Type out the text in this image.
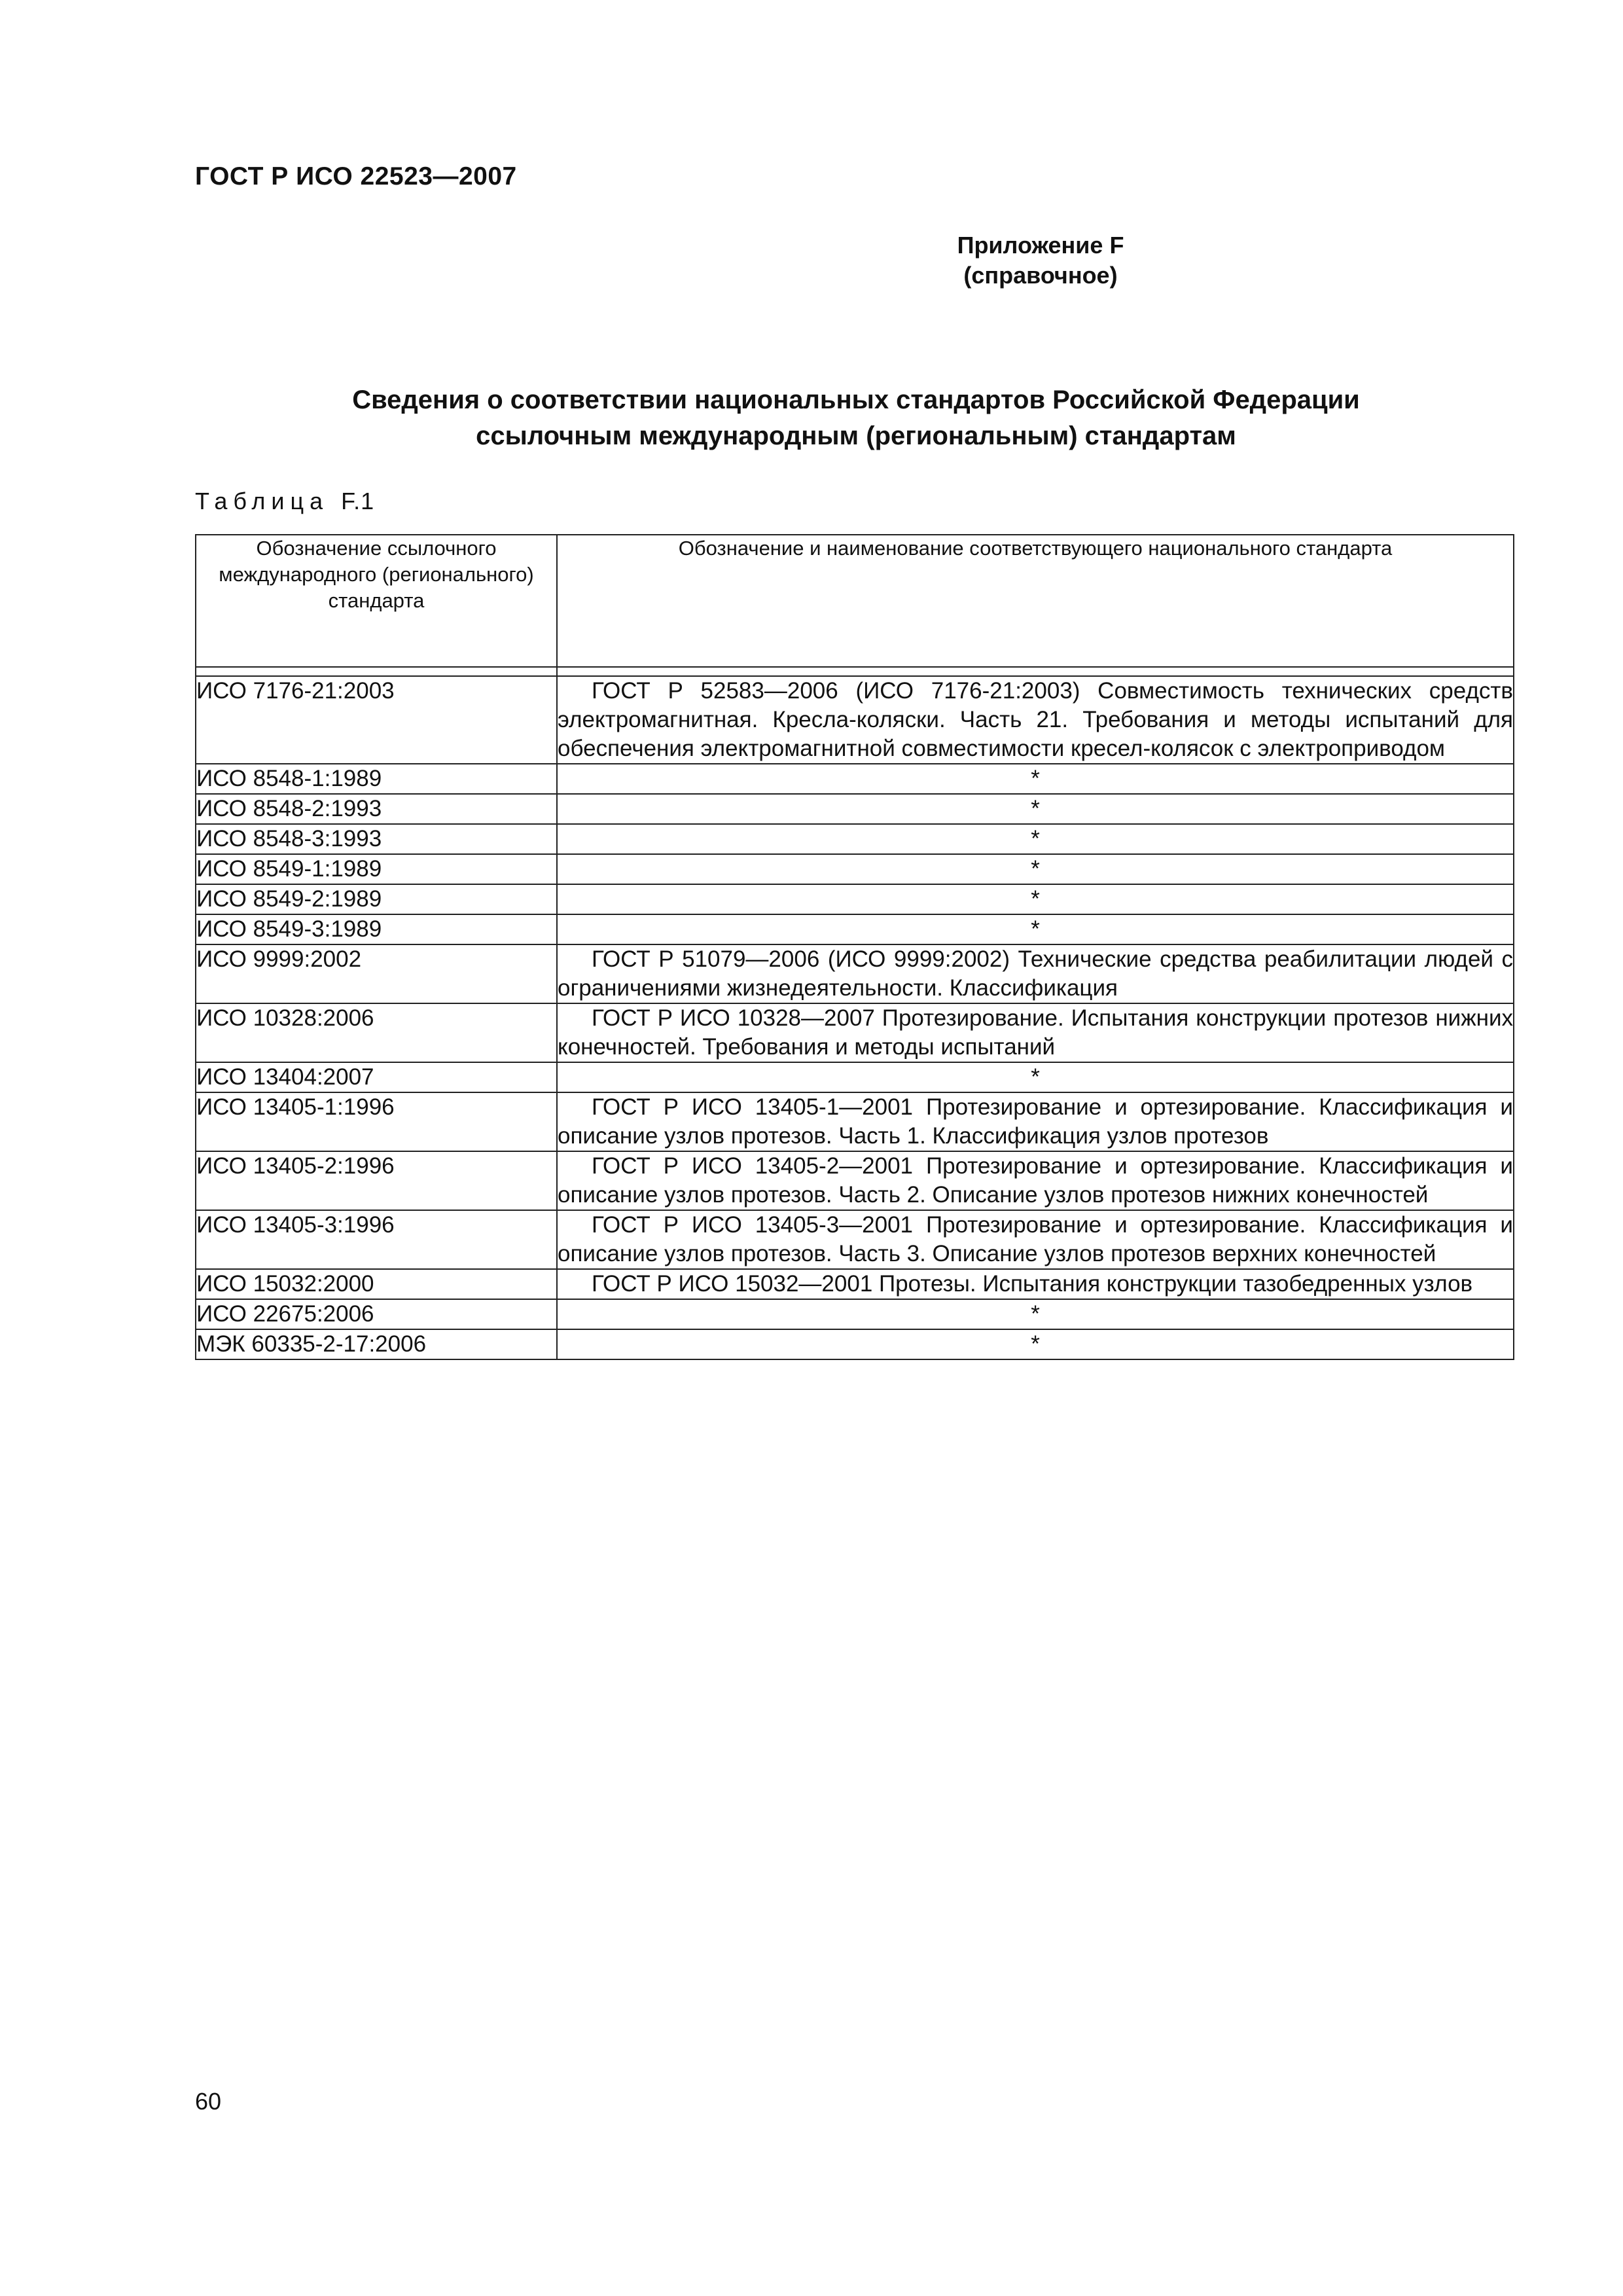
ГОСТ Р ИСО 22523—2007
Приложение F
(справочное)
Сведения о соответствии национальных стандартов Российской Федерации
ссылочным международным (региональным) стандартам
Таблица F.1
Обозначение ссылочного
международного (регионального)
стандарта	Обозначение и наименование соответствующего национального стандарта

ИСО 7176-21:2003	ГОСТ Р 52583—2006 (ИСО 7176-21:2003) Совместимость технических средств электромагнитная. Кресла-коляски. Часть 21. Требования и методы испытаний для обеспечения электромагнитной совместимости кресел-колясок с электроприводом
ИСО 8548-1:1989	*
ИСО 8548-2:1993	*
ИСО 8548-3:1993	*
ИСО 8549-1:1989	*
ИСО 8549-2:1989	*
ИСО 8549-3:1989	*
ИСО 9999:2002	ГОСТ Р 51079—2006 (ИСО 9999:2002) Технические средства реабилитации людей с ограничениями жизнедеятельности. Классификация
ИСО 10328:2006	ГОСТ Р ИСО 10328—2007 Протезирование. Испытания конструкции протезов нижних конечностей. Требования и методы испытаний
ИСО 13404:2007	*
ИСО 13405-1:1996	ГОСТ Р ИСО 13405-1—2001 Протезирование и ортезирование. Классификация и описание узлов протезов. Часть 1. Классификация узлов протезов
ИСО 13405-2:1996	ГОСТ Р ИСО 13405-2—2001 Протезирование и ортезирование. Классификация и описание узлов протезов. Часть 2. Описание узлов протезов нижних конечностей
ИСО 13405-3:1996	ГОСТ Р ИСО 13405-3—2001 Протезирование и ортезирование. Классификация и описание узлов протезов. Часть 3. Описание узлов протезов верхних конечностей
ИСО 15032:2000	ГОСТ Р ИСО 15032—2001 Протезы. Испытания конструкции тазобедренных узлов
ИСО 22675:2006	*
МЭК 60335-2-17:2006	*
60
